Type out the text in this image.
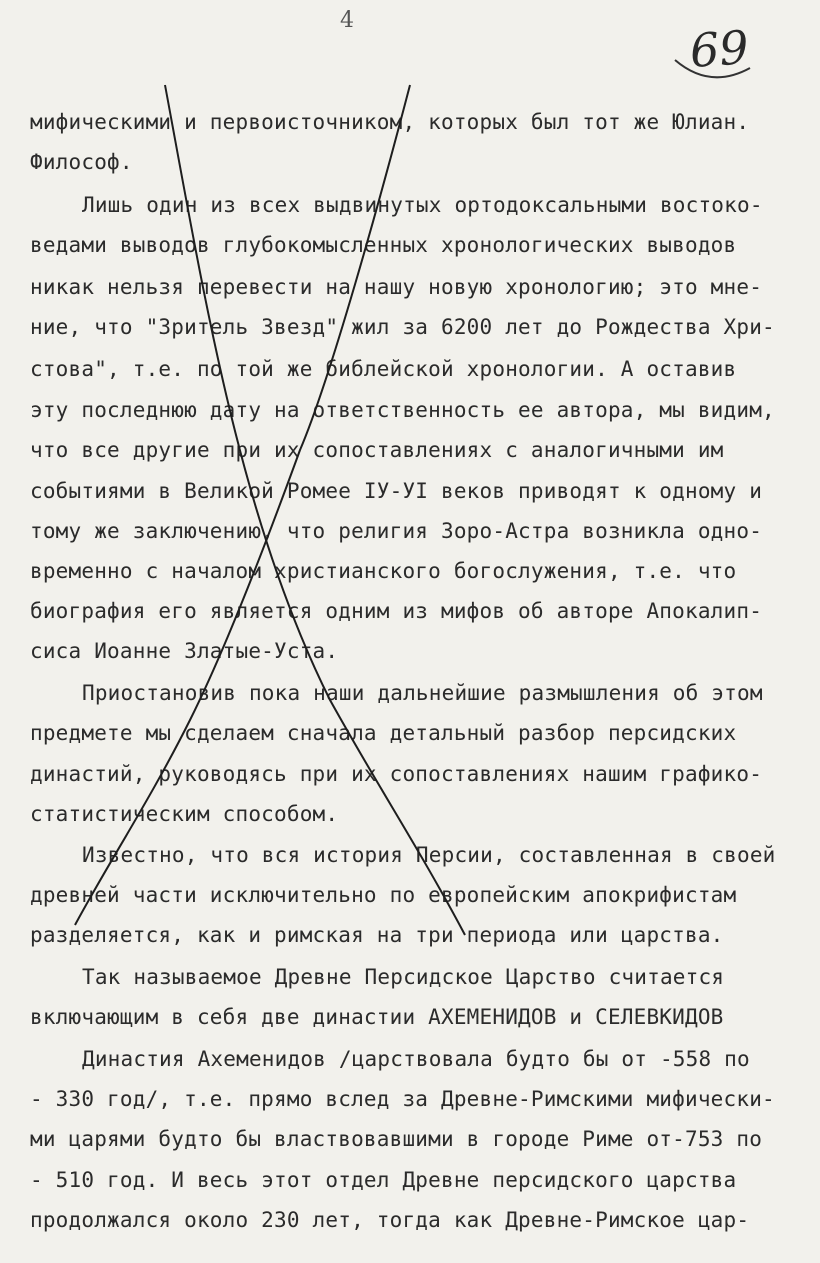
4	69
мифическими и первоисточником, которых был тот же Юлиан.
Философ.
Лишь один из всех выдвинутых ортодоксальными востоко-
ведами выводов глубокомысленных хронологических выводов
никак нельзя перевести на нашу новую хронологию; это мне-
ние, что "Зритель Звезд" жил за 6200 лет до Рождества Хри-
стова", т.е. по той же библейской хронологии. А оставив
эту последнюю дату на ответственность ее автора, мы видим,
что все другие при их сопоставлениях с аналогичными им
событиями в Великой Ромее IУ-УI веков приводят к одному и
тому же заключению, что религия Зоро-Астра возникла одно-
временно с началом христианского богослужения, т.е. что
биография его является одним из мифов об авторе Апокалип-
сиса Иоанне Златые-Уста.
Приостановив пока наши дальнейшие размышления об этом
предмете мы сделаем сначала детальный разбор персидских
династий, руководясь при их сопоставлениях нашим графико-
статистическим способом.
Известно, что вся история Персии, составленная в своей
древней части исключительно по европейским апокрифистам
разделяется, как и римская на три периода или царства.
Так называемое Древне Персидское Царство считается
включающим в себя две династии АХЕМЕНИДОВ и СЕЛЕВКИДОВ
Династия Ахеменидов /царствовала будто бы от -558 по
- 330 год/, т.е. прямо вслед за Древне-Римскими мифически-
ми царями будто бы властвовавшими в городе Риме от-753 по
- 510 год. И весь этот отдел Древне персидского царства
продолжался около 230 лет, тогда как Древне-Римское цар-
